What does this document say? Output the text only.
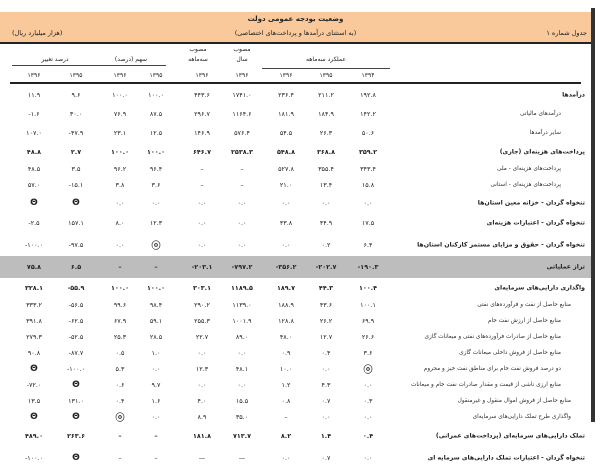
وضعیت بودجه عمومی دولت
(به استثنای درآمدها و پرداخت‌های اختصاصی)
(هزار میلیارد ریال)	جدول شماره ۱
درصد تغییر	سهم (درصد)
مصوب
سه‌ماهه
مصوب
سال	عملکرد سه‌ماهه
۱۳۹۶	۱۳۹۵	۱۳۹۶	۱۳۹۵	۱۳۹۶	۱۳۹۶	۱۳۹۶	۱۳۹۵	۱۳۹۴
۱۱.۹	۹.۶	۱۰۰.۰	۱۰۰.۰	۴۴۳.۶	۱۷۴۱.۰	۲۳۶.۴	۲۱۱.۲	۱۹۲.۸	درآمدها
-۱.۶	۳۰.۰	۷۶.۹	۸۷.۵	۲۹۶.۷	۱۱۶۴.۶	۱۸۱.۹	۱۸۴.۹	۱۴۲.۲	درآمدهای مالیاتی
۱۰۷.۰	-۴۷.۹	۲۳.۱	۱۲.۵	۱۴۶.۹	۵۷۶.۴	۵۴.۵	۲۶.۳	۵۰.۶	سایر درآمدها
۴۸.۸	۲.۷	۱۰۰.۰	۱۰۰.۰	۶۴۶.۷	۲۵۳۸.۳	۵۴۸.۸	۳۶۸.۸	۳۵۹.۲	پرداخت‌های هزینه‌ای (جاری)
۴۸.۵	۳.۵	۹۶.۲	۹۶.۴	–	–	۵۲۷.۸	۳۵۵.۴	۳۴۳.۴	پرداخت‌های هزینه‌ای - ملی
۵۷.۰	-۱۵.۱	۳.۸	۳.۶	–	–	۲۱.۰	۱۳.۴	۱۵.۸	پرداخت‌های هزینه‌ای - استانی
Θ	Θ	۰.۰	۰.۰	۰.۰	۰.۰	۰.۰	۰.۰	۰.۰	تنخواه گردان - خزانه معین استان‌ها
-۲.۵	۱۵۷.۱	۸.۰	۱۲.۳	۰.۰	۰.۰	۴۳.۸	۴۴.۹	۱۷.۵	تنخواه گردان - اعتبارات هزینه‌ای
-۱۰۰.۰	-۹۷.۵	۰.۰	ⓞ	۰.۰	۰.۰	۰.۰	۰.۲	۶.۴	تنخواه گردان - حقوق و مزایای مستمر کارکنان استان‌ها
۷۵.۸	۶.۵	–	–	-۲۰۳.۱	-۷۹۷.۲	-۳۵۶.۲	-۲۰۲.۷	-۱۹۰.۳	تراز عملیاتی
۳۲۸.۱	-۵۵.۹	۱۰۰.۰	۱۰۰.۰	۳۰۳.۱	۱۱۸۹.۵	۱۸۹.۷	۴۴.۳	۱۰۰.۴	واگذاری دارایی‌های سرمایه‌ای
۳۳۳.۲	-۵۶.۵	۹۹.۶	۹۸.۴	۲۹۰.۲	۱۱۳۹.۰	۱۸۸.۹	۴۳.۶	۱۰۰.۱	منابع حاصل از نفت و فرآورده‌های نفتی
۳۹۱.۸	-۶۲.۵	۶۷.۹	۵۹.۱	۲۵۵.۳	۱۰۰۱.۹	۱۲۸.۸	۲۶.۲	۶۹.۹	منابع حاصل از ارزش نفت خام
۲۷۹.۳	-۵۲.۵	۲۵.۳	۲۸.۵	۲۲.۷	۸۹.۰	۴۸.۰	۱۲.۷	۲۶.۶	منابع حاصل از صادرات فرآورده‌های نفتی و میعانات گازی
۹۰.۸	-۸۷.۷	۰.۵	۱.۰	۰.۰	۰.۰	۰.۹	۰.۴	۳.۶	منابع حاصل از فروش داخلی میعانات گازی
Θ	-۱۰۰.۰	۵.۳	۰.۰	۱۲.۳	۴۸.۱	۱۰.۰	۰.۰	ⓞ	دو درصد فروش نفت خام برای مناطق نفت خیز و محروم
-۷۲.۰	Θ	۰.۶	۹.۷	۰.۰	۰.۰	۱.۲	۴.۳	۰.۰	منابع ارزی ناشی از قیمت و مقدار صادرات نفت خام و میعانات
۱۳.۵	۱۳۱.۰	۰.۴	۱.۶	۴.۰	۱۵.۵	۰.۸	۰.۷	۰.۳	منابع حاصل از فروش اموال منقول و غیرمنقول
Θ	Θ	ⓞ	۰.۰	۸.۹	۳۵.۰	–	۰.۰	۰.۰	واگذاری طرح تملک دارایی‌های سرمایه‌ای
۴۸۹.۰	۲۶۳.۶	–	–	۱۸۱.۸	۷۱۳.۷	۸.۲	۱.۴	۰.۴	تملک دارایی‌های سرمایه‌ای (پرداخت‌های عمرانی)
-۱۰۰.۰	Θ	–	–	—	—	۰.۰	۰.۷	۰.۰	تنخواه گردان - اعتبارات تملک دارایی‌های سرمایه ای
